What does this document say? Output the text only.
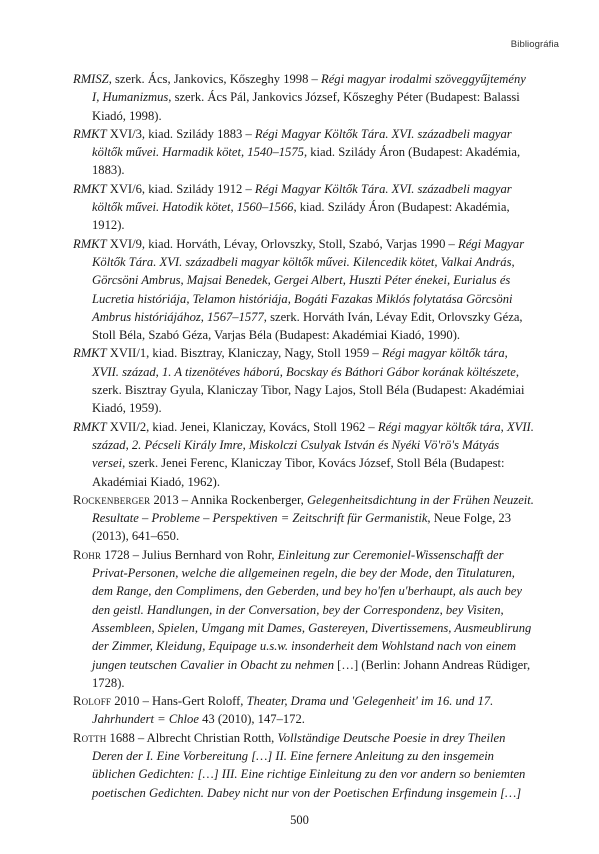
Bibliográfia

RMISZ, szerk. Ács, Jankovics, Kőszeghy 1998 – Régi magyar irodalmi szöveggyűjtemény I, Humanizmus, szerk. Ács Pál, Jankovics József, Kőszeghy Péter (Budapest: Balassi Kiadó, 1998).

RMKT XVI/3, kiad. Szilády 1883 – Régi Magyar Költők Tára. XVI. századbeli magyar költők művei. Harmadik kötet, 1540–1575, kiad. Szilády Áron (Budapest: Akadémia, 1883).

RMKT XVI/6, kiad. Szilády 1912 – Régi Magyar Költők Tára. XVI. századbeli magyar költők művei. Hatodik kötet, 1560–1566, kiad. Szilády Áron (Budapest: Akadémia, 1912).

RMKT XVI/9, kiad. Horváth, Lévay, Orlovszky, Stoll, Szabó, Varjas 1990 – Régi Magyar Költők Tára. XVI. századbeli magyar költők művei. Kilencedik kötet, Valkai András, Görcsöni Ambrus, Majsai Benedek, Gergei Albert, Huszti Péter énekei, Eurialus és Lucretia históriája, Telamon históriája, Bogáti Fazakas Miklós folytatása Görcsöni Ambrus históriájához, 1567–1577, szerk. Horváth Iván, Lévay Edit, Orlovszky Géza, Stoll Béla, Szabó Géza, Varjas Béla (Budapest: Akadémiai Kiadó, 1990).

RMKT XVII/1, kiad. Bisztray, Klaniczay, Nagy, Stoll 1959 – Régi magyar költők tára, XVII. század, 1. A tizenötéves háború, Bocskay és Báthori Gábor korának költészete, szerk. Bisztray Gyula, Klaniczay Tibor, Nagy Lajos, Stoll Béla (Budapest: Akadémiai Kiadó, 1959).

RMKT XVII/2, kiad. Jenei, Klaniczay, Kovács, Stoll 1962 – Régi magyar költők tára, XVII. század, 2. Pécseli Király Imre, Miskolczi Csulyak István és Nyéki Vö'rö's Mátyás versei, szerk. Jenei Ferenc, Klaniczay Tibor, Kovács József, Stoll Béla (Budapest: Akadémiai Kiadó, 1962).

Rockenberger 2013 – Annika Rockenberger, Gelegenheitsdichtung in der Frühen Neuzeit. Resultate – Probleme – Perspektiven = Zeitschrift für Germanistik, Neue Folge, 23 (2013), 641–650.

Rohr 1728 – Julius Bernhard von Rohr, Einleitung zur Ceremoniel-Wissenschafft der Privat-Personen, welche die allgemeinen regeln, die bey der Mode, den Titulaturen, dem Range, den Complimens, den Geberden, und bey ho'fen u'berhaupt, als auch bey den geistl. Handlungen, in der Conversation, bey der Correspondenz, bey Visiten, Assembleen, Spielen, Umgang mit Dames, Gastereyen, Divertissemens, Ausmeublirung der Zimmer, Kleidung, Equipage u.s.w. insonderheit dem Wohlstand nach von einem jungen teutschen Cavalier in Obacht zu nehmen […] (Berlin: Johann Andreas Rüdiger, 1728).

Roloff 2010 – Hans-Gert Roloff, Theater, Drama und 'Gelegenheit' im 16. und 17. Jahrhundert = Chloe 43 (2010), 147–172.

Rotth 1688 – Albrecht Christian Rotth, Vollständige Deutsche Poesie in drey Theilen Deren der I. Eine Vorbereitung […] II. Eine fernere Anleitung zu den insgemein üblichen Gedichten: […] III. Eine richtige Einleitung zu den vor andern so beniemten poetischen Gedichten. Dabey nicht nur von der Poetischen Erfindung insgemein […]

500
